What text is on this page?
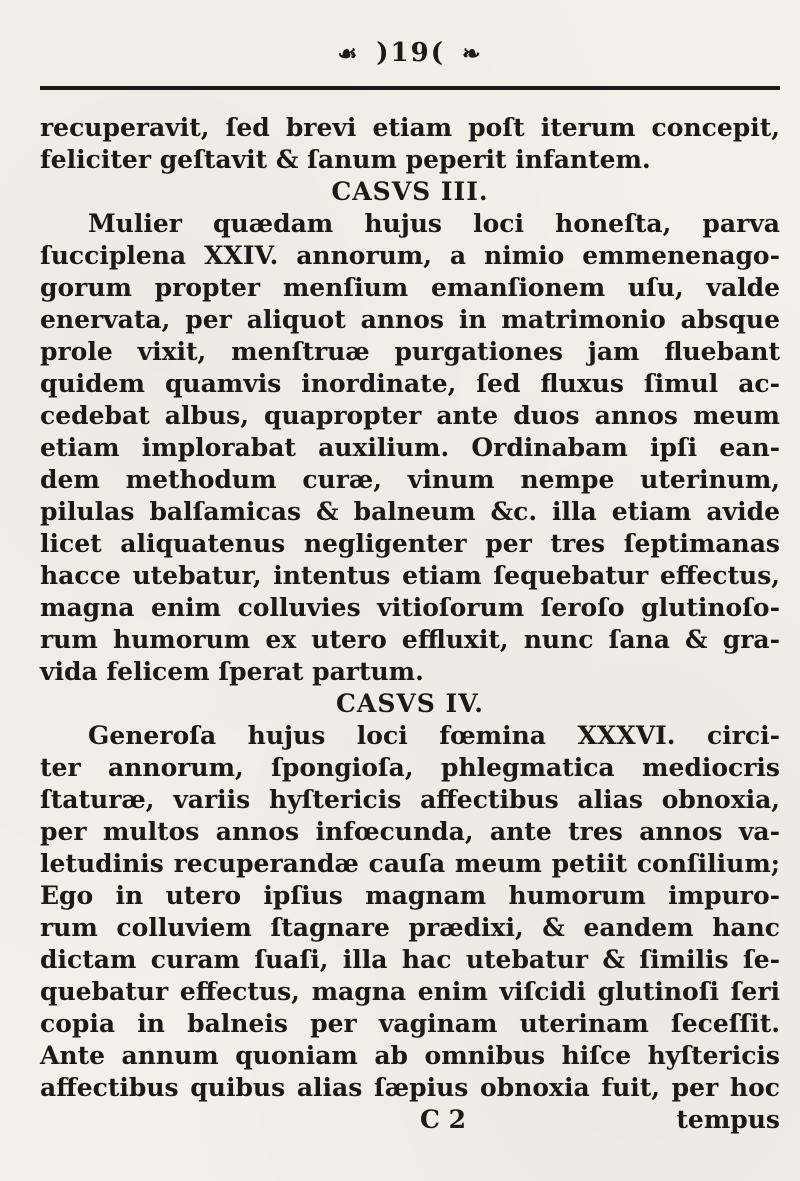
☙ )19( ❧
recuperavit, ſed brevi etiam poſt iterum concepit,
feliciter geſtavit & ſanum peperit infantem.
CASVS III.
Mulier quædam hujus loci honeſta, parva
ſucciplena XXIV. annorum, a nimio emmenenago-
gorum propter menſium emanſionem uſu, valde
enervata, per aliquot annos in matrimonio absque
prole vixit, menſtruæ purgationes jam fluebant
quidem quamvis inordinate, ſed fluxus ſimul ac-
cedebat albus, quapropter ante duos annos meum
etiam implorabat auxilium. Ordinabam ipſi ean-
dem methodum curæ, vinum nempe uterinum,
pilulas balſamicas & balneum &c. illa etiam avide
licet aliquatenus negligenter per tres ſeptimanas
hacce utebatur, intentus etiam ſequebatur effectus,
magna enim colluvies vitioſorum ſeroſo glutinoſo-
rum humorum ex utero effluxit, nunc ſana & gra-
vida felicem ſperat partum.
CASVS IV.
Generoſa hujus loci fœmina XXXVI. circi-
ter annorum, ſpongioſa, phlegmatica mediocris
ſtaturæ, variis hyſtericis affectibus alias obnoxia,
per multos annos infœcunda, ante tres annos va-
letudinis recuperandæ cauſa meum petiit conſilium;
Ego in utero ipſius magnam humorum impuro-
rum colluviem ſtagnare prædixi, & eandem hanc
dictam curam ſuaſi, illa hac utebatur & ſimilis ſe-
quebatur effectus, magna enim viſcidi glutinoſi ſeri
copia in balneis per vaginam uterinam ſeceſſit.
Ante annum quoniam ab omnibus hiſce hyſtericis
affectibus quibus alias ſæpius obnoxia fuit, per hoc
C 2	tempus
